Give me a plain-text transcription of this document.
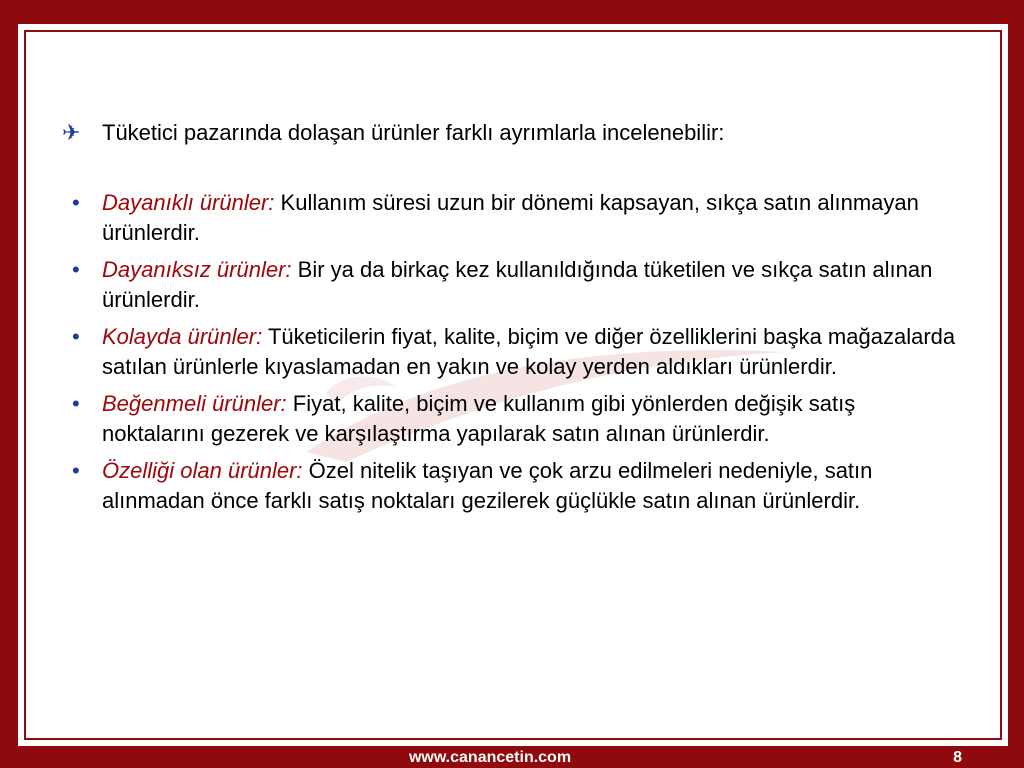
✈ Tüketici pazarında dolaşan ürünler farklı ayrımlarla incelenebilir:
•	Dayanıklı ürünler: Kullanım süresi uzun bir dönemi kapsayan, sıkça satın alınmayan ürünlerdir.
•	Dayanıksız ürünler: Bir ya da birkaç kez kullanıldığında tüketilen ve sıkça satın alınan ürünlerdir.
•	Kolayda ürünler: Tüketicilerin fiyat, kalite, biçim ve diğer özelliklerini başka mağazalarda satılan ürünlerle kıyaslamadan en yakın ve kolay yerden aldıkları ürünlerdir.
•	Beğenmeli ürünler: Fiyat, kalite, biçim ve kullanım gibi yönlerden değişik satış noktalarını gezerek ve karşılaştırma yapılarak satın alınan ürünlerdir.
•	Özelliği olan ürünler: Özel nitelik taşıyan ve çok arzu edilmeleri nedeniyle, satın alınmadan önce farklı satış noktaları gezilerek güçlükle satın alınan ürünlerdir.
www.canancetin.com	8
